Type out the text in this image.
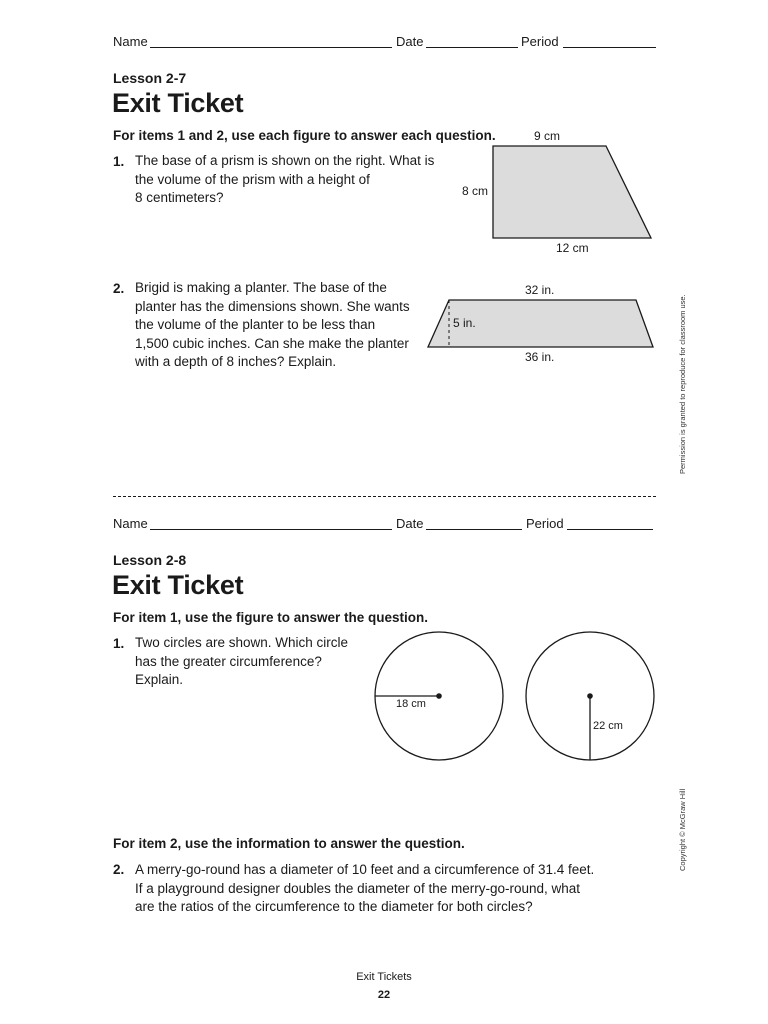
Name	Date	Period
Lesson 2-7
Exit Ticket
For items 1 and 2, use each figure to answer each question.
1. The base of a prism is shown on the right. What is
the volume of the prism with a height of
8 centimeters?
9 cm
8 cm
12 cm
2. Brigid is making a planter. The base of the
planter has the dimensions shown. She wants
the volume of the planter to be less than
1,500 cubic inches. Can she make the planter
with a depth of 8 inches? Explain.
32 in.
5 in.
36 in.
Name	Date	Period
Lesson 2-8
Exit Ticket
For item 1, use the figure to answer the question.
1. Two circles are shown. Which circle
has the greater circumference?
Explain.
18 cm
22 cm
For item 2, use the information to answer the question.
2. A merry-go-round has a diameter of 10 feet and a circumference of 31.4 feet.
If a playground designer doubles the diameter of the merry-go-round, what
are the ratios of the circumference to the diameter for both circles?
Permission is granted to reproduce for classroom use.
Copyright © McGraw Hill
Exit Tickets
22
